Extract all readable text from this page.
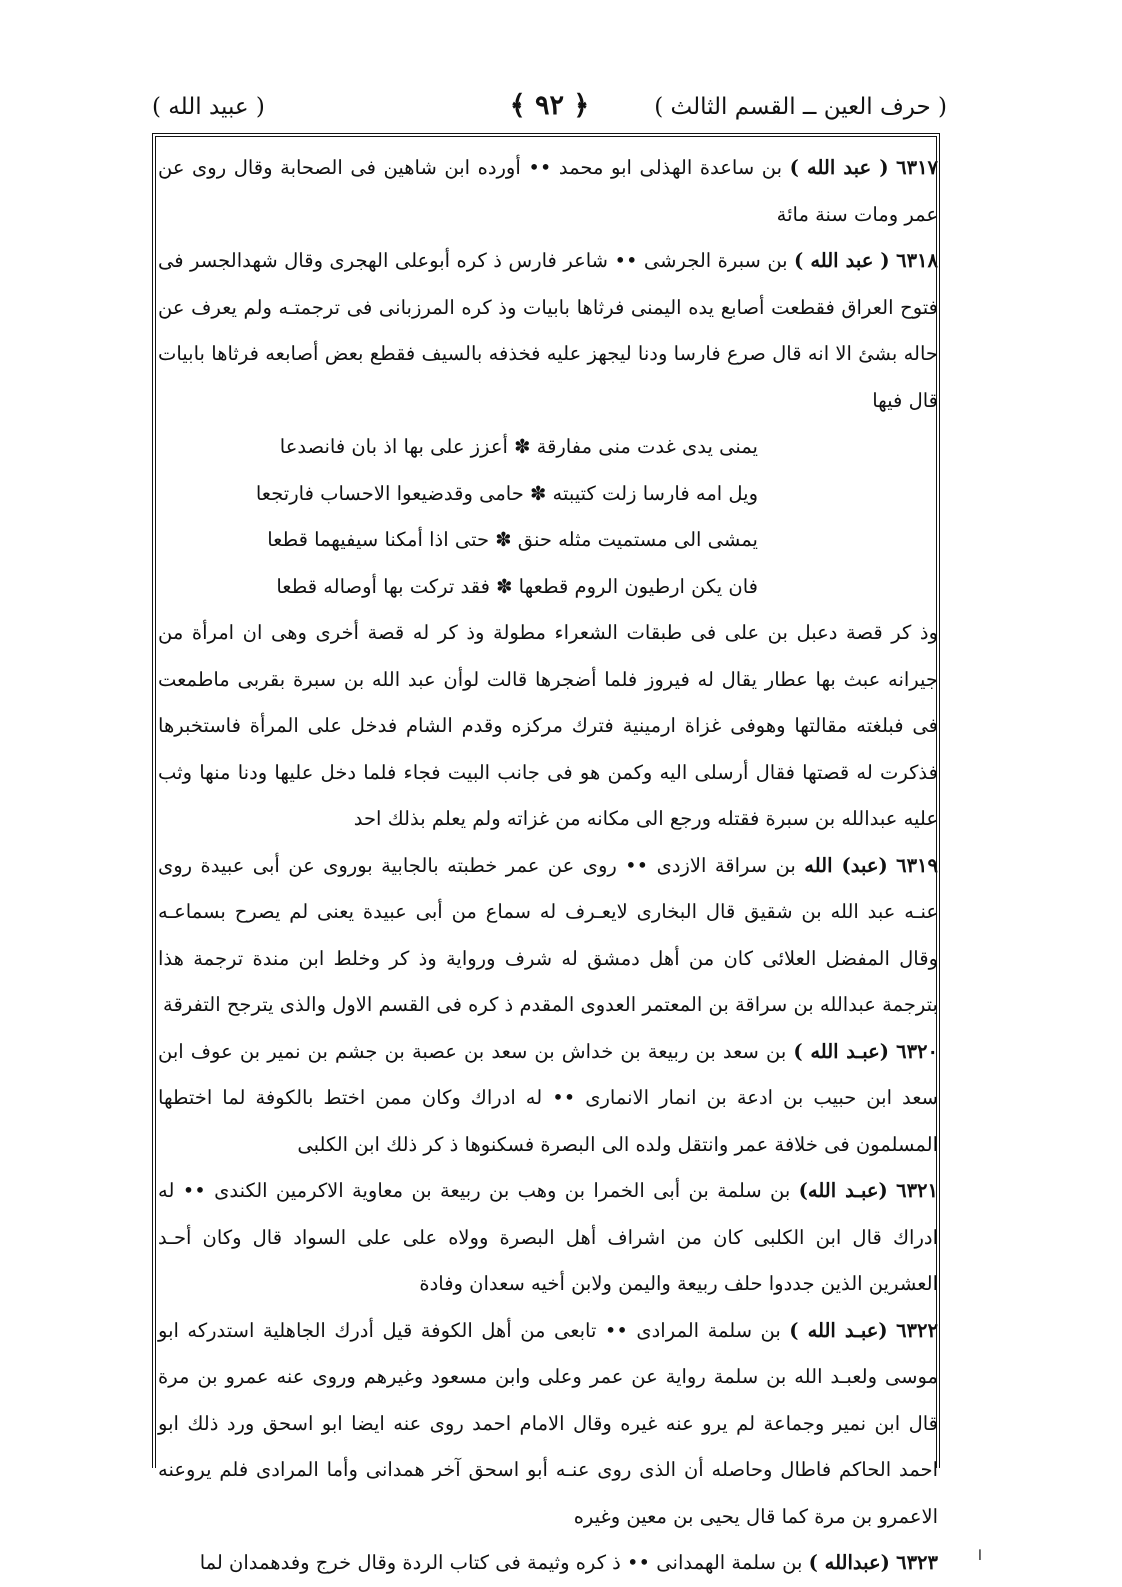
( حرف العين ــ القسم الثالث )
﴿ ٩٢ ﴾
( عبيد الله )

٦٣١٧ ( عبد الله ) بن ساعدة الهذلى ابو محمد ‎•• أورده ابن شاهين فى الصحابة وقال روى عن عمر ومات سنة مائة

٦٣١٨ ( عبد الله ) بن سبرة الجرشى ‎•• شاعر فارس ذ كره أبوعلى الهجرى وقال شهدالجسر فى فتوح العراق فقطعت أصابع يده اليمنى فرثاها بابيات وذ كره المرزبانى فى ترجمتـه ولم يعرف عن حاله بشئ الا انه قال صرع فارسا ودنا ليجهز عليه فخذفه بالسيف فقطع بعض أصابعه فرثاها بابيات قال فيها

يمنى يدى غدت منى مفارقة ✽ أعزز على بها اذ بان فانصدعا
ويل امه فارسا زلت كتيبته ✽ حامى وقدضيعوا الاحساب فارتجعا
يمشى الى مستميت مثله حنق ✽ حتى اذا أمكنا سيفيهما قطعا
فان يكن ارطيون الروم قطعها ✽ فقد تركت بها أوصاله قطعا

وذ كر قصة دعبل بن على فى طبقات الشعراء مطولة وذ كر له قصة أخرى وهى ان امرأة من جيرانه عبث بها عطار يقال له فيروز فلما أضجرها قالت لوأن عبد الله بن سبرة بقربى ماطمعت فى فبلغته مقالتها وهوفى غزاة ارمينية فترك مركزه وقدم الشام فدخل على المرأة فاستخبرها فذكرت له قصتها فقال أرسلى اليه وكمن هو فى جانب البيت فجاء فلما دخل عليها ودنا منها وثب عليه عبدالله بن سبرة فقتله ورجع الى مكانه من غزاته ولم يعلم بذلك احد

٦٣١٩ (عبد) الله بن سراقة الازدى ‎•• روى عن عمر خطبته بالجابية بوروى عن أبى عبيدة روى عنـه عبد الله بن شقيق قال البخارى لايعـرف له سماع من أبى عبيدة يعنى لم يصرح بسماعـه وقال المفضل العلائى كان من أهل دمشق له شرف ورواية وذ كر وخلط ابن مندة ترجمة هذا بترجمة عبدالله بن سراقة بن المعتمر العدوى المقدم ذ كره فى القسم الاول والذى يترجح التفرقة

٦٣٢٠ (عبـد الله ) بن سعد بن ربيعة بن خداش بن سعد بن عصبة بن جشم بن نمير بن عوف ابن سعد ابن حبيب بن ادعة بن انمار الانمارى ‎•• له ادراك وكان ممن اختط بالكوفة لما اختطها المسلمون فى خلافة عمر وانتقل ولده الى البصرة فسكنوها ذ كر ذلك ابن الكلبى

٦٣٢١ (عبـد الله) بن سلمة بن أبى الخمرا بن وهب بن ربيعة بن معاوية الاكرمين الكندى ‎•• له ادراك قال ابن الكلبى كان من اشراف أهل البصرة وولاه على على السواد قال وكان أحـد العشرين الذين جددوا حلف ربيعة واليمن ولابن أخيه سعدان وفادة

٦٣٢٢ (عبـد الله ) بن سلمة المرادى ‎•• تابعى من أهل الكوفة قيل أدرك الجاهلية استدركه ابو موسى ولعبـد الله بن سلمة رواية عن عمر وعلى وابن مسعود وغيرهم وروى عنه عمرو بن مرة قال ابن نمير وجماعة لم يرو عنه غيره وقال الامام احمد روى عنه ايضا ابو اسحق ورد ذلك ابو احمد الحاكم فاطال وحاصله أن الذى روى عنـه أبو اسحق آخر همدانى وأما المرادى فلم يروعنه الاعمرو بن مرة كما قال يحيى بن معين وغيره

٦٣٢٣ (عبدالله ) بن سلمة الهمدانى ‎•• ذ كره وثيمة فى كتاب الردة وقال خرج وفدهمدان لما	ا
